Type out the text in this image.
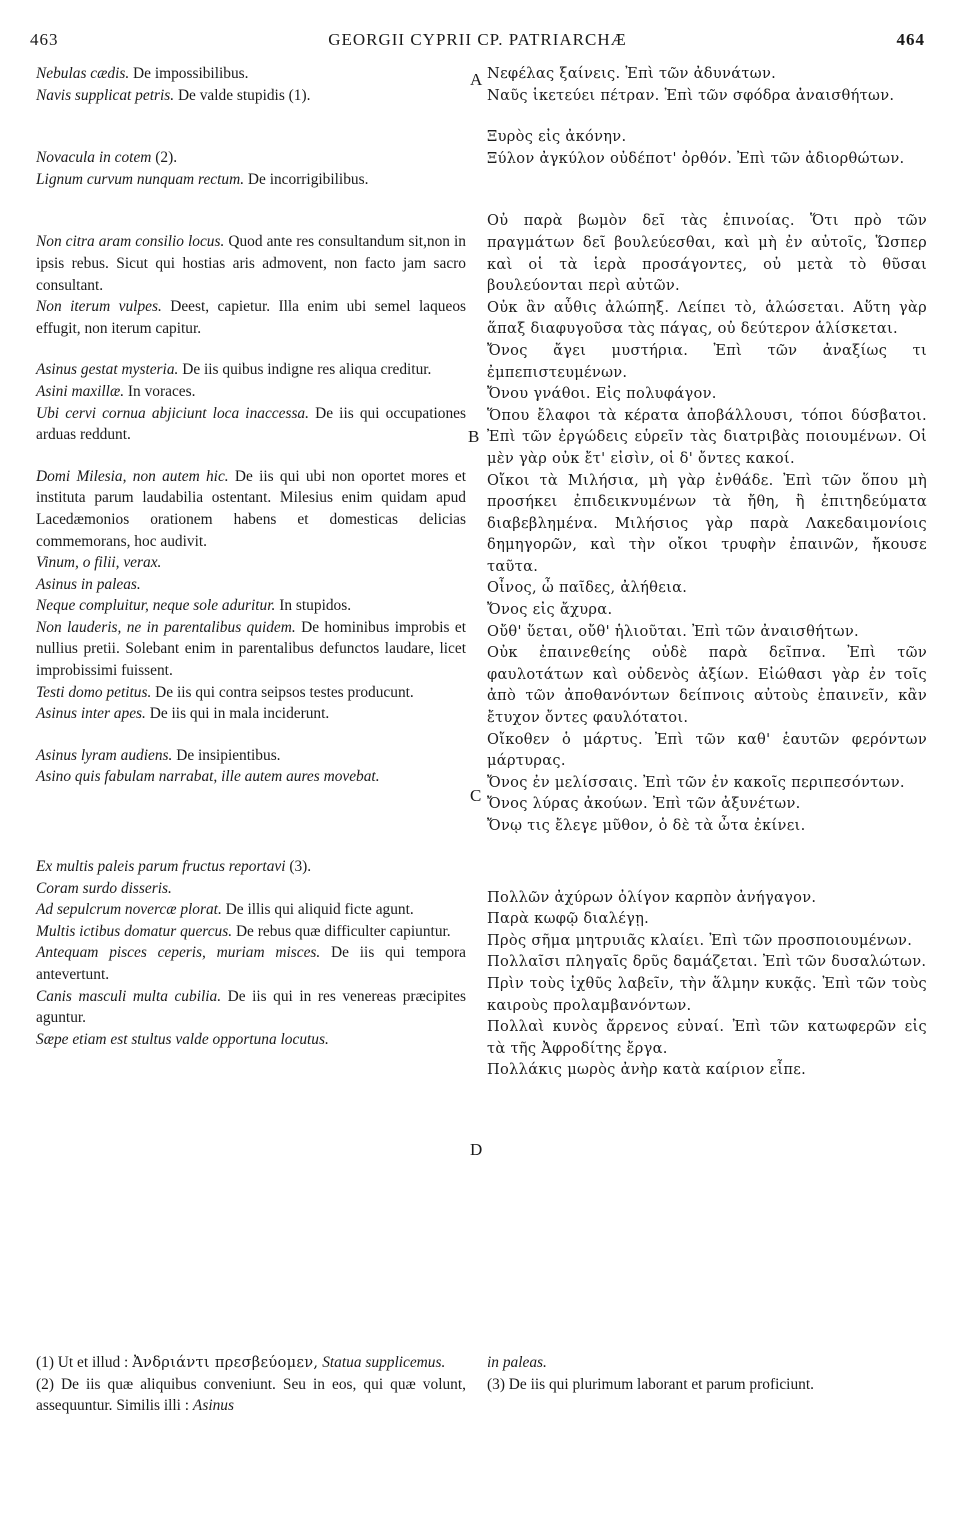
463	GEORGII CYPRII CP. PATRIARCHÆ	464
A
B
C
D

Nebulas cædis. De impossibilibus.

Navis supplicat petris. De valde stupidis (1).

Novacula in cotem (2).

Lignum curvum nunquam rectum. De incorrigibilibus.

Non citra aram consilio locus. Quod ante res consultandum sit,non in ipsis rebus. Sicut qui hostias aris admovent, non facto jam sacro consultant.

Non iterum vulpes. Deest, capietur. Illa enim ubi semel laqueos effugit, non iterum capitur.

Asinus gestat mysteria. De iis quibus indigne res aliqua creditur.

Asini maxillæ. In voraces.

Ubi cervi cornua abjiciunt loca inaccessa. De iis qui occupationes arduas reddunt.

Domi Milesia, non autem hic. De iis qui ubi non oportet mores et instituta parum laudabilia ostentant. Milesius enim quidam apud Lacedæmonios orationem habens et domesticas delicias commemorans, hoc audivit.

Vinum, o filii, verax.

Asinus in paleas.

Neque compluitur, neque sole aduritur. In stupidos.

Non lauderis, ne in parentalibus quidem. De hominibus improbis et nullius pretii. Solebant enim in parentalibus defunctos laudare, licet improbissimi fuissent.

Testi domo petitus. De iis qui contra seipsos testes producunt.

Asinus inter apes. De iis qui in mala inciderunt.

Asinus lyram audiens. De insipientibus.

Asino quis fabulam narrabat, ille autem aures movebat.

Ex multis paleis parum fructus reportavi (3).

Coram surdo disseris.

Ad sepulcrum novercæ plorat. De illis qui aliquid ficte agunt.

Multis ictibus domatur quercus. De rebus quæ difficulter capiuntur.

Antequam pisces ceperis, muriam misces. De iis qui tempora antevertunt.

Canis masculi multa cubilia. De iis qui in res venereas præcipites aguntur.

Sæpe etiam est stultus valde opportuna locutus.

Νεφέλας ξαίνεις. Ἐπὶ τῶν ἀδυνάτων.

Ναῦς ἱκετεύει πέτραν. Ἐπὶ τῶν σφόδρα ἀναισθήτων.

Ξυρὸς εἰς ἀκόνην.

Ξύλον ἀγκύλον οὐδέποτ' ὀρθόν. Ἐπὶ τῶν ἀδιορθώτων.

Οὐ παρὰ βωμὸν δεῖ τὰς ἐπινοίας. Ὅτι πρὸ τῶν πραγμάτων δεῖ βουλεύεσθαι, καὶ μὴ ἐν αὐτοῖς, Ὥσπερ καὶ οἱ τὰ ἱερὰ προσάγοντες, οὐ μετὰ τὸ θῦσαι βουλεύονται περὶ αὐτῶν.

Οὐκ ἂν αὖθις ἀλώπηξ. Λείπει τὸ, ἁλώσεται. Αὕτη γὰρ ἅπαξ διαφυγοῦσα τὰς πάγας, οὐ δεύτερον ἁλίσκεται.

Ὄνος ἄγει μυστήρια. Ἐπὶ τῶν ἀναξίως τι ἐμπεπιστευμένων.

Ὄνου γνάθοι. Εἰς πολυφάγον.

Ὅπου ἔλαφοι τὰ κέρατα ἀποβάλλουσι, τόποι δύσβατοι. Ἐπὶ τῶν ἐργώδεις εὑρεῖν τὰς διατριβὰς ποιουμένων. Οἱ μὲν γὰρ οὐκ ἔτ' εἰσὶν, οἱ δ' ὄντες κακοί.

Οἴκοι τὰ Μιλήσια, μὴ γὰρ ἐνθάδε. Ἐπὶ τῶν ὅπου μὴ προσήκει ἐπιδεικνυμένων τὰ ἤθη, ἢ ἐπιτηδεύματα διαβεβλημένα. Μιλήσιος γὰρ παρὰ Λακεδαιμονίοις δημηγορῶν, καὶ τὴν οἴκοι τρυφὴν ἐπαινῶν, ἤκουσε ταῦτα.

Οἶνος, ὦ παῖδες, ἀλήθεια.

Ὄνος εἰς ἄχυρα.

Οὔθ' ὕεται, οὔθ' ἡλιοῦται. Ἐπὶ τῶν ἀναισθήτων.

Οὐκ ἐπαινεθείης οὐδὲ παρὰ δεῖπνα. Ἐπὶ τῶν φαυλοτάτων καὶ οὐδενὸς ἀξίων. Εἰώθασι γὰρ ἐν τοῖς ἀπὸ τῶν ἀποθανόντων δείπνοις αὐτοὺς ἐπαινεῖν, κἂν ἔτυχον ὄντες φαυλότατοι.

Οἴκοθεν ὁ μάρτυς. Ἐπὶ τῶν καθ' ἑαυτῶν φερόντων μάρτυρας.

Ὄνος ἐν μελίσσαις. Ἐπὶ τῶν ἐν κακοῖς περιπεσόντων.

Ὄνος λύρας ἀκούων. Ἐπὶ τῶν ἀξυνέτων.

Ὄνῳ τις ἔλεγε μῦθον, ὁ δὲ τὰ ὦτα ἐκίνει.

Πολλῶν ἀχύρων ὀλίγον καρπὸν ἀνήγαγον.

Παρὰ κωφῷ διαλέγῃ.

Πρὸς σῆμα μητρυιᾶς κλαίει. Ἐπὶ τῶν προσποιουμένων.

Πολλαῖσι πληγαῖς δρῦς δαμάζεται. Ἐπὶ τῶν δυσαλώτων.

Πρὶν τοὺς ἰχθῦς λαβεῖν, τὴν ἅλμην κυκᾷς. Ἐπὶ τῶν τοὺς καιροὺς προλαμβανόντων.

Πολλαὶ κυνὸς ἄρρενος εὐναί. Ἐπὶ τῶν κατωφερῶν εἰς τὰ τῆς Ἀφροδίτης ἔργα.

Πολλάκις μωρὸς ἀνὴρ κατὰ καίριον εἶπε.

(1) Ut et illud : Ἀνδριάντι πρεσβεύομεν, Statua supplicemus.

(2) De iis quæ aliquibus conveniunt. Seu in eos, qui quæ volunt, assequuntur. Similis illi : Asinus

in paleas.

(3) De iis qui plurimum laborant et parum proficiunt.
